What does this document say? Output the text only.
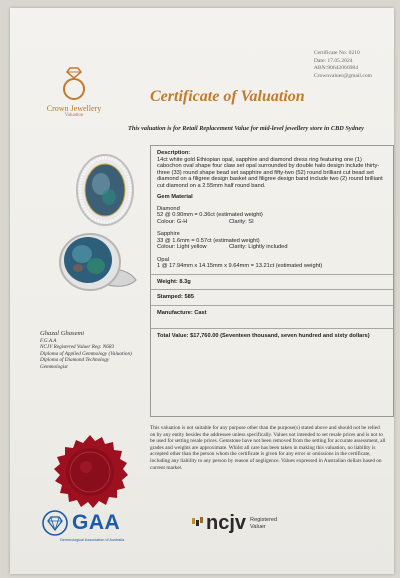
Certificate No: 0210
Date: 17.05.2024
ABN:90642066984
Crownvaluer@gmail.com
Crown Jewellery
Valuation
Certificate of Valuation
This valuation is for Retail Replacement Value for mid-level jewellery store in CBD Sydney
Ghazal Ghasemi
F.G.A.A
NCJV Registered Valuer Reg: N683
Diploma of Applied Gemmology (Valuation)
Diploma of Diamond Technology
Gemmologist
Description:
14ct white gold Ethiopian opal, sapphire and diamond dress ring featuring one (1) cabochon oval shape four claw set opal surrounded by double halo design include thirty-three (33) round shape bead set sapphire and fifty-two (52) round brilliant cut bead set diamond on a filigree design basket and filigree design band include two (2) round brilliant cut diamond on a 2.55mm half round band.
Gem Material
Diamond
52 @ 0.90mm = 0.36ct (estimated weight)
Colour: G-H	Clarity: SI
Sapphire
33 @ 1.6mm = 0.57ct (estimated weight)
Colour: Light yellow	Clarity: Lightly included
Opal
1 @ 17.94mm x 14.15mm x 9.64mm = 13.21ct (estimated weight)
Weight: 8.3g
Stamped: 585
Manufacture: Cast
Total Value: $17,760.00 (Seventeen thousand, seven hundred and sixty dollars)
This valuation is not suitable for any purpose other than the purpose(s) stated above and should not be relied on by any entity besides the addressee unless specifically. Values not intended to set resale prices and is not to be used for setting resale prices. Gemstone have not been removed from the setting for accurate assessment, all grades and weights are approximate. Whilst all care has been taken in making this valuation, no liability is accepted other than the person whom the certificate is given for any error or omissions in the certificate, including any liability to any person by reason of negligence. Values expressed in Australian dollars based on current market.
GAA
Gemmological Association of Australia
ncjv Registered
Valuer
